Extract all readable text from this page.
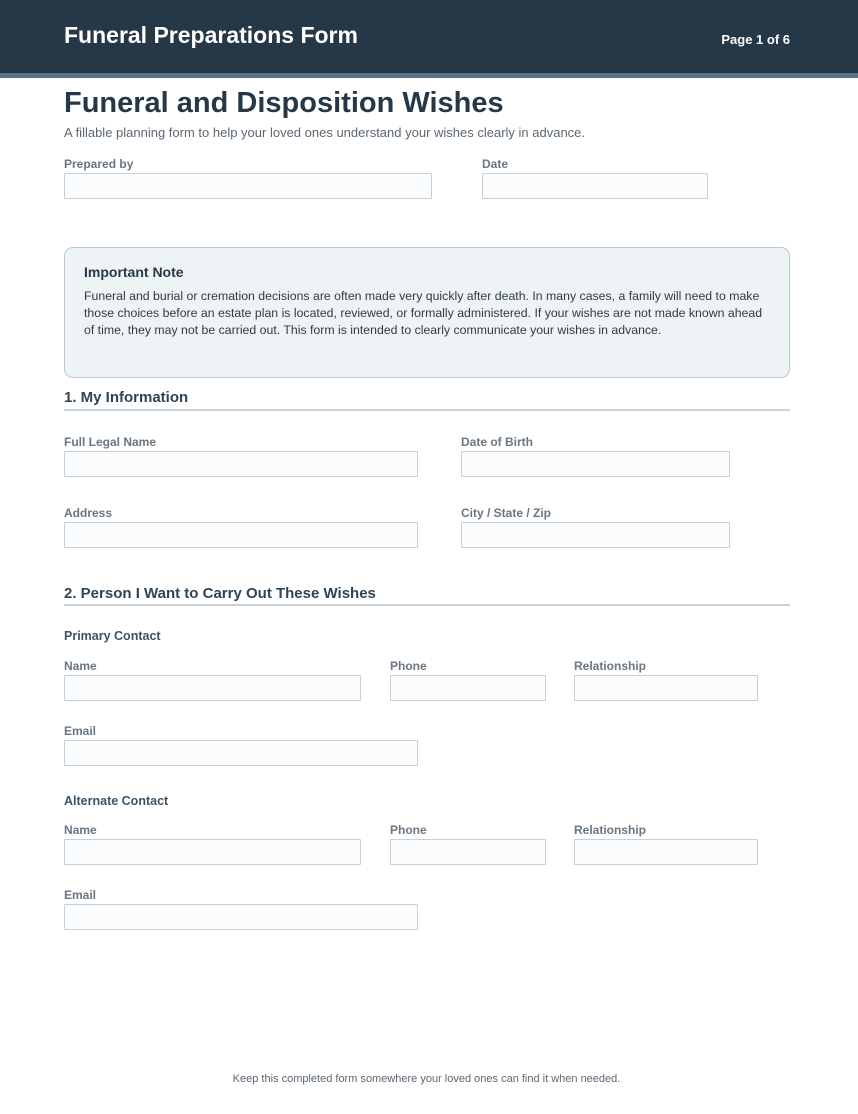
Funeral Preparations Form	Page 1 of 6
Funeral and Disposition Wishes
A fillable planning form to help your loved ones understand your wishes clearly in advance.
Prepared by	Date
Important Note
Funeral and burial or cremation decisions are often made very quickly after death. In many cases, a family will need to make those choices before an estate plan is located, reviewed, or formally administered. If your wishes are not made known ahead of time, they may not be carried out. This form is intended to clearly communicate your wishes in advance.
1. My Information
Full Legal Name	Date of Birth
Address	City / State / Zip
2. Person I Want to Carry Out These Wishes
Primary Contact
Name	Phone	Relationship
Email
Alternate Contact
Name	Phone	Relationship
Email
Keep this completed form somewhere your loved ones can find it when needed.
